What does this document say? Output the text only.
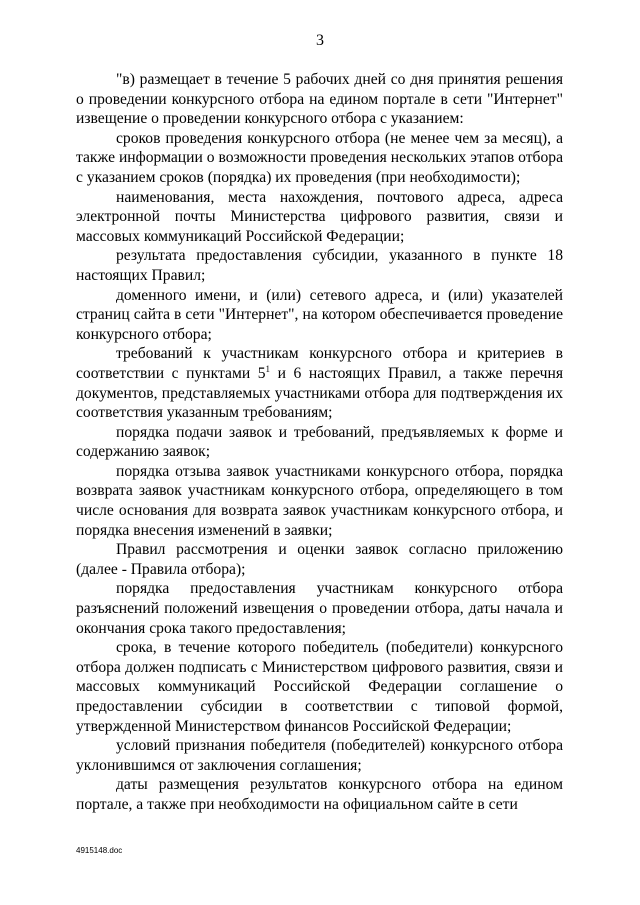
3

"в) размещает в течение 5 рабочих дней со дня принятия решения о проведении конкурсного отбора на едином портале в сети "Интернет" извещение о проведении конкурсного отбора с указанием:

сроков проведения конкурсного отбора (не менее чем за месяц), а также информации о возможности проведения нескольких этапов отбора с указанием сроков (порядка) их проведения (при необходимости);

наименования, места нахождения, почтового адреса, адреса электронной почты Министерства цифрового развития, связи и массовых коммуникаций Российской Федерации;

результата предоставления субсидии, указанного в пункте 18 настоящих Правил;

доменного имени, и (или) сетевого адреса, и (или) указателей страниц сайта в сети "Интернет", на котором обеспечивается проведение конкурсного отбора;

требований к участникам конкурсного отбора и критериев в соответствии с пунктами $5^1$ и 6 настоящих Правил, а также перечня документов, представляемых участниками отбора для подтверждения их соответствия указанным требованиям;

порядка подачи заявок и требований, предъявляемых к форме и содержанию заявок;

порядка отзыва заявок участниками конкурсного отбора, порядка возврата заявок участникам конкурсного отбора, определяющего в том числе основания для возврата заявок участникам конкурсного отбора, и порядка внесения изменений в заявки;

Правил рассмотрения и оценки заявок согласно приложению (далее - Правила отбора);

порядка предоставления участникам конкурсного отбора разъяснений положений извещения о проведении отбора, даты начала и окончания срока такого предоставления;

срока, в течение которого победитель (победители) конкурсного отбора должен подписать с Министерством цифрового развития, связи и массовых коммуникаций Российской Федерации соглашение о предоставлении субсидии в соответствии с типовой формой, утвержденной Министерством финансов Российской Федерации;

условий признания победителя (победителей) конкурсного отбора уклонившимся от заключения соглашения;

даты размещения результатов конкурсного отбора на едином портале, а также при необходимости на официальном сайте в сети

4915148.doc
